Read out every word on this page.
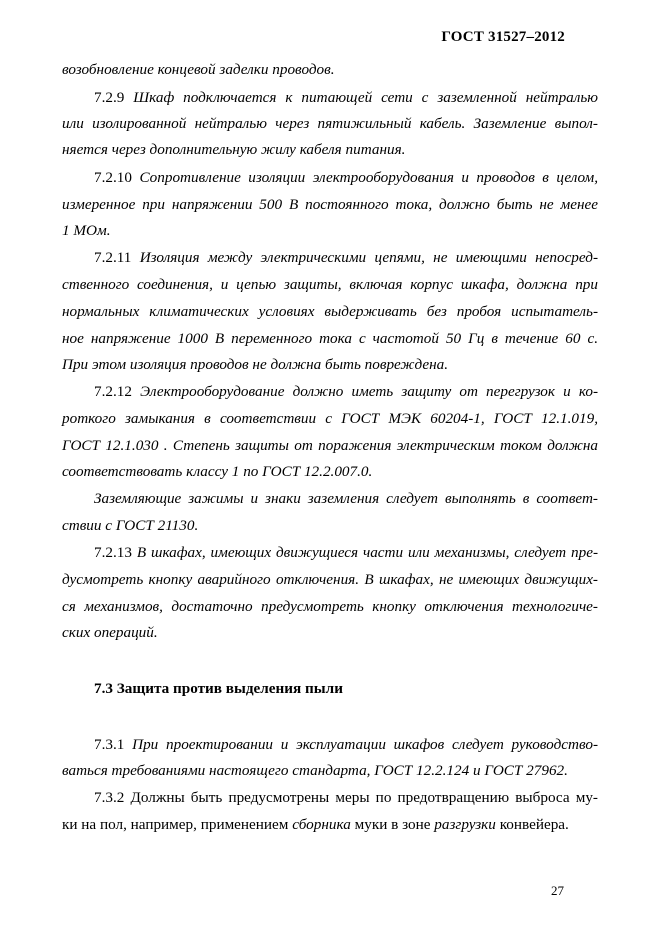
ГОСТ 31527–2012
возобновление концевой заделки проводов.
7.2.9 Шкаф подключается к питающей сети с заземленной нейтралью
или изолированной нейтралью через пятижильный кабель. Заземление выпол-
няется через дополнительную жилу кабеля питания.
7.2.10 Сопротивление изоляции электрооборудования и проводов в целом,
измеренное при напряжении 500 В постоянного тока, должно быть не менее
1 МОм.
7.2.11 Изоляция между электрическими цепями, не имеющими непосред-
ственного соединения, и цепью защиты, включая корпус шкафа, должна при
нормальных климатических условиях выдерживать без пробоя испытатель-
ное напряжение 1000 В переменного тока с частотой 50 Гц в течение 60 с.
При этом изоляция проводов не должна быть повреждена.
7.2.12 Электрооборудование должно иметь защиту от перегрузок и ко-
роткого замыкания в соответствии с ГОСТ МЭК 60204-1, ГОСТ 12.1.019,
ГОСТ 12.1.030 . Степень защиты от поражения электрическим током должна
соответствовать классу 1 по ГОСТ 12.2.007.0.
Заземляющие зажимы и знаки заземления следует выполнять в соответ-
ствии с ГОСТ 21130.
7.2.13 В шкафах, имеющих движущиеся части или механизмы, следует пре-
дусмотреть кнопку аварийного отключения. В шкафах, не имеющих движущих-
ся механизмов, достаточно предусмотреть кнопку отключения технологиче-
ских операций.
7.3 Защита против выделения пыли
7.3.1 При проектировании и эксплуатации шкафов следует руководство-
ваться требованиями настоящего стандарта, ГОСТ 12.2.124 и ГОСТ 27962.
7.3.2 Должны быть предусмотрены меры по предотвращению выброса му-
ки на пол, например, применением сборника муки в зоне разгрузки конвейера.
27
